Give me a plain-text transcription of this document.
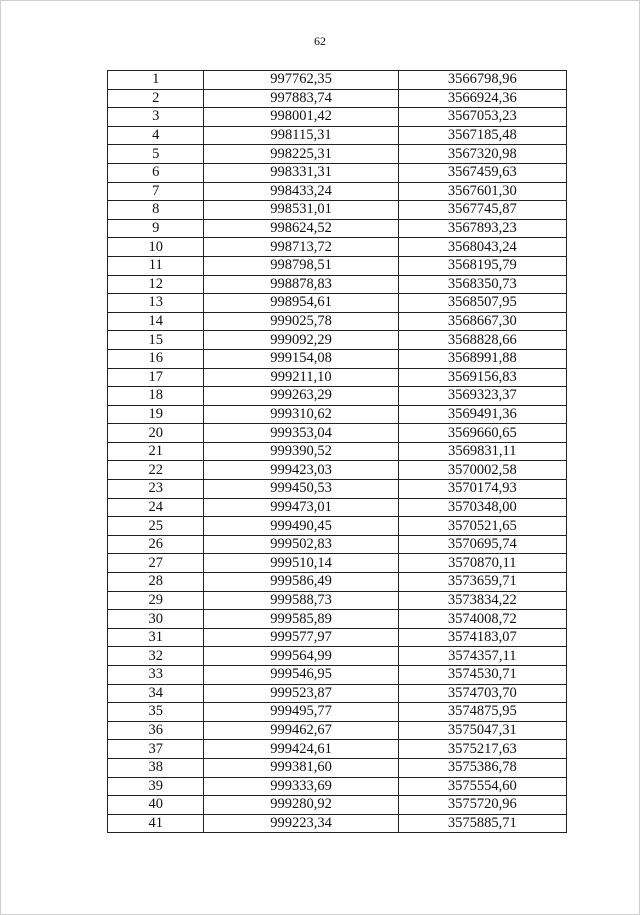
62
1	997762,35	3566798,96
2	997883,74	3566924,36
3	998001,42	3567053,23
4	998115,31	3567185,48
5	998225,31	3567320,98
6	998331,31	3567459,63
7	998433,24	3567601,30
8	998531,01	3567745,87
9	998624,52	3567893,23
10	998713,72	3568043,24
11	998798,51	3568195,79
12	998878,83	3568350,73
13	998954,61	3568507,95
14	999025,78	3568667,30
15	999092,29	3568828,66
16	999154,08	3568991,88
17	999211,10	3569156,83
18	999263,29	3569323,37
19	999310,62	3569491,36
20	999353,04	3569660,65
21	999390,52	3569831,11
22	999423,03	3570002,58
23	999450,53	3570174,93
24	999473,01	3570348,00
25	999490,45	3570521,65
26	999502,83	3570695,74
27	999510,14	3570870,11
28	999586,49	3573659,71
29	999588,73	3573834,22
30	999585,89	3574008,72
31	999577,97	3574183,07
32	999564,99	3574357,11
33	999546,95	3574530,71
34	999523,87	3574703,70
35	999495,77	3574875,95
36	999462,67	3575047,31
37	999424,61	3575217,63
38	999381,60	3575386,78
39	999333,69	3575554,60
40	999280,92	3575720,96
41	999223,34	3575885,71
